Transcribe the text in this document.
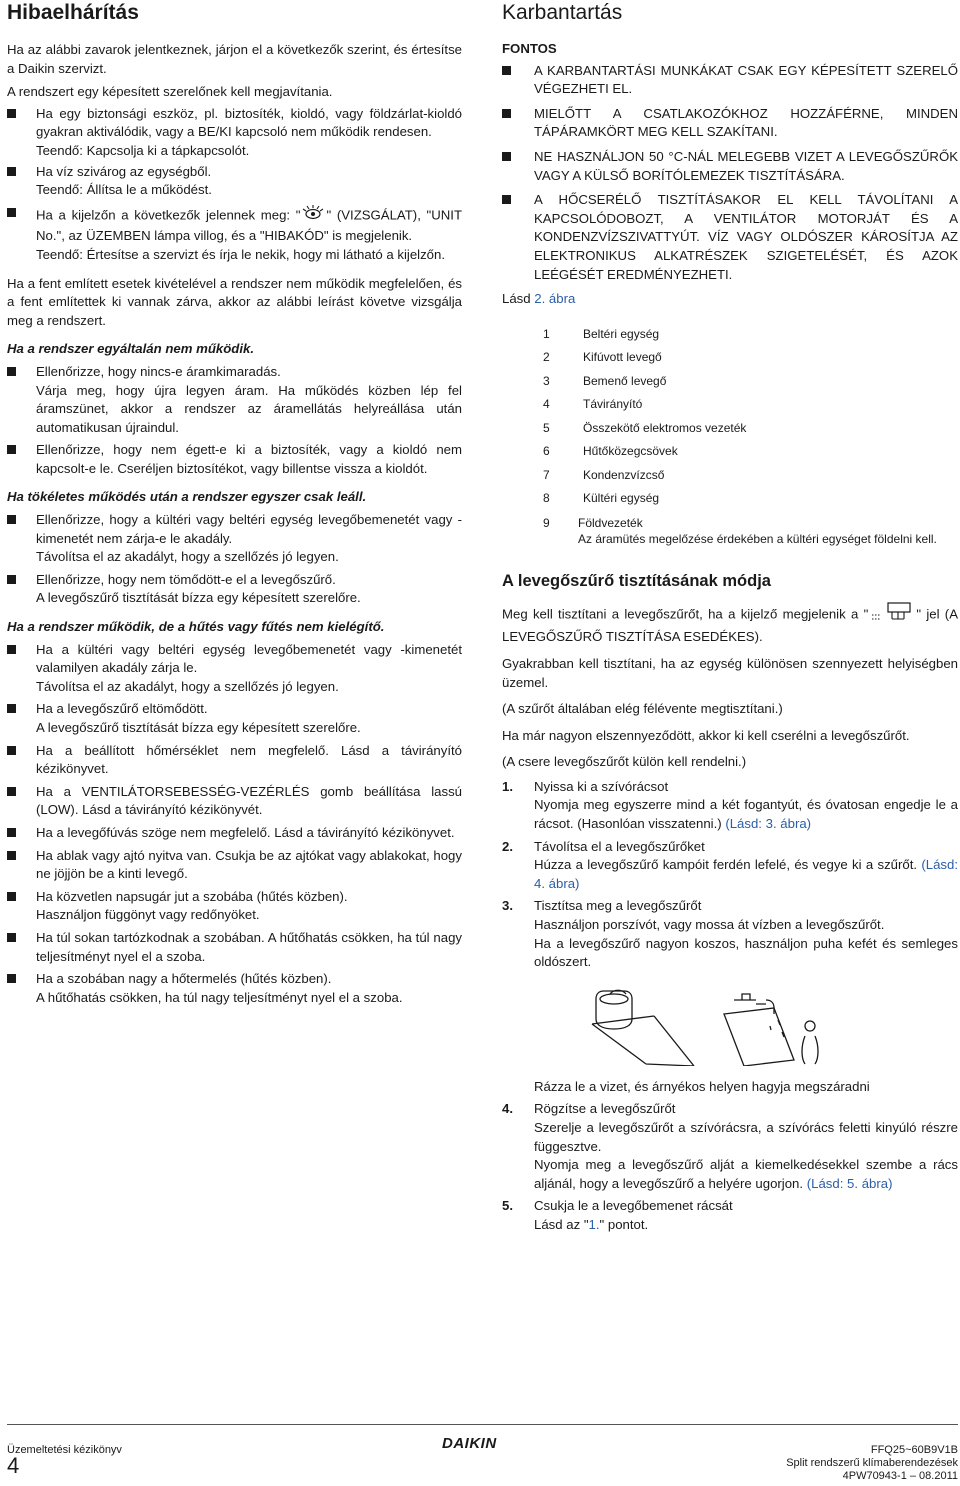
Hibaelhárítás

Ha az alábbi zavarok jelentkeznek, járjon el a következők szerint, és értesítse a Daikin szervizt.

A rendszert egy képesített szerelőnek kell megjavítania.

Ha egy biztonsági eszköz, pl. biztosíték, kioldó, vagy földzárlat-kioldó gyakran aktiválódik, vagy a BE/KI kapcsoló nem működik rendesen.
Teendő: Kapcsolja ki a tápkapcsolót.
Ha víz szivárog az egységből.
Teendő: Állítsa le a működést.
Ha a kijelzőn a következők jelennek meg: " " (VIZSGÁLAT), "UNIT No.", az ÜZEMBEN lámpa villog, és a "HIBAKÓD" is megjelenik.
Teendő: Értesítse a szervizt és írja le nekik, hogy mi látható a kijelzőn.

Ha a fent említett esetek kivételével a rendszer nem működik megfelelően, és a fent említettek ki vannak zárva, akkor az alábbi leírást követve vizsgálja meg a rendszert.

Ha a rendszer egyáltalán nem működik.

Ellenőrizze, hogy nincs-e áramkimaradás.
Várja meg, hogy újra legyen áram. Ha működés közben lép fel áramszünet, akkor a rendszer az áramellátás helyreállása után automatikusan újraindul.
Ellenőrizze, hogy nem égett-e ki a biztosíték, vagy a kioldó nem kapcsolt-e le. Cseréljen biztosítékot, vagy billentse vissza a kioldót.

Ha tökéletes működés után a rendszer egyszer csak leáll.

Ellenőrizze, hogy a kültéri vagy beltéri egység levegőbemenetét vagy -kimenetét nem zárja-e le akadály.
Távolítsa el az akadályt, hogy a szellőzés jó legyen.
Ellenőrizze, hogy nem tömődött-e el a levegőszűrő.
A levegőszűrő tisztítását bízza egy képesített szerelőre.

Ha a rendszer működik, de a hűtés vagy fűtés nem kielégítő.

Ha a kültéri vagy beltéri egység levegőbemenetét vagy -kimenetét valamilyen akadály zárja le.
Távolítsa el az akadályt, hogy a szellőzés jó legyen.
Ha a levegőszűrő eltömődött.
A levegőszűrő tisztítását bízza egy képesített szerelőre.
Ha a beállított hőmérséklet nem megfelelő. Lásd a távirányító kézikönyvet.
Ha a VENTILÁTORSEBESSÉG-VEZÉRLÉS gomb beállítása lassú (LOW). Lásd a távirányító kézikönyvét.
Ha a levegőfúvás szöge nem megfelelő. Lásd a távirányító kézikönyvet.
Ha ablak vagy ajtó nyitva van. Csukja be az ajtókat vagy ablakokat, hogy ne jöjjön be a kinti levegő.
Ha közvetlen napsugár jut a szobába (hűtés közben).
Használjon függönyt vagy redőnyöket.
Ha túl sokan tartózkodnak a szobában. A hűtőhatás csökken, ha túl nagy teljesítményt nyel el a szoba.
Ha a szobában nagy a hőtermelés (hűtés közben).
A hűtőhatás csökken, ha túl nagy teljesítményt nyel el a szoba.
Karbantartás
FONTOS
A KARBANTARTÁSI MUNKÁKAT CSAK EGY KÉPESÍTETT SZERELŐ VÉGEZHETI EL.
MIELŐTT A CSATLAKOZÓKHOZ HOZZÁFÉRNE, MINDEN TÁPÁRAMKÖRT MEG KELL SZAKÍTANI.
NE HASZNÁLJON 50 °C-NÁL MELEGEBB VIZET A LEVEGŐSZŰRŐK VAGY A KÜLSŐ BORÍTÓLEMEZEK TISZTÍTÁSÁRA.
A HŐCSERÉLŐ TISZTÍTÁSAKOR EL KELL TÁVOLÍTANI A KAPCSOLÓDOBOZT, A VENTILÁTOR MOTORJÁT ÉS A KONDENZVÍZSZIVATTYÚT. VÍZ VAGY OLDÓSZER KÁROSÍTJA AZ ELEKTRONIKUS ALKATRÉSZEK SZIGETELÉSÉT, ÉS AZOK LEÉGÉSÉT EREDMÉNYEZHETI.
Lásd 2. ábra
1	Beltéri egység
2	Kifúvott levegő
3	Bemenő levegő
4	Távirányító
5	Összekötő elektromos vezeték
6	Hűtőközegcsövek
7	Kondenzvízcső
8	Kültéri egység
9	Földvezeték
Az áramütés megelőzése érdekében a kültéri egységet földelni kell.
A levegőszűrő tisztításának módja

Meg kell tisztítani a levegőszűrőt, ha a kijelző megjelenik a "	" jel (A LEVEGŐSZŰRŐ TISZTÍTÁSA ESEDÉKES).

Gyakrabban kell tisztítani, ha az egység különösen szennyezett helyiségben üzemel.

(A szűrőt általában elég félévente megtisztítani.)

Ha már nagyon elszennyeződött, akkor ki kell cserélni a levegőszűrőt.

(A csere levegőszűrőt külön kell rendelni.)

1.	Nyissa ki a szívórácsot
Nyomja meg egyszerre mind a két fogantyút, és óvatosan engedje le a rácsot. (Hasonlóan visszatenni.) (Lásd: 3. ábra)
2.	Távolítsa el a levegőszűrőket
Húzza a levegőszűrő kampóit ferdén lefelé, és vegye ki a szűrőt. (Lásd: 4. ábra)
3.	Tisztítsa meg a levegőszűrőt
Használjon porszívót, vagy mossa át vízben a levegőszűrőt.
Ha a levegőszűrő nagyon koszos, használjon puha kefét és semleges oldószert.
Rázza le a vizet, és árnyékos helyen hagyja megszáradni
4.	Rögzítse a levegőszűrőt
Szerelje a levegőszűrőt a szívórácsra, a szívórács feletti kinyúló részre függesztve.
Nyomja meg a levegőszűrő alját a kiemelkedésekkel szembe a rács aljánál, hogy a levegőszűrő a helyére ugorjon. (Lásd: 5. ábra)
5.	Csukja le a levegőbemenet rácsát
Lásd az "1." pontot.
Üzemeltetési kézikönyv
4
DAIKIN	FFQ25~60B9V1B
Split rendszerű klímaberendezések
4PW70943-1 – 08.2011
